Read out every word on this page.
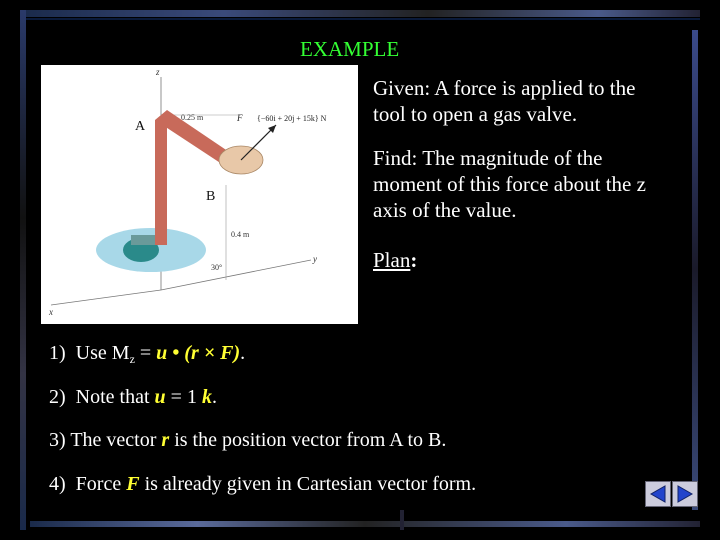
EXAMPLE
z
x
y
0.25 m
0.4 m
30°
F {−60i + 20j + 15k} N
A
B
Given: A force is applied to the tool to open a gas valve.
Find: The magnitude of the moment of this force about the z axis of the value.
Plan:
1) Use $M_z = u$ • (r × F).
2) Note that u = 1 k.
3) The vector r is the position vector from A to B.
4) Force F is already given in Cartesian vector form.
